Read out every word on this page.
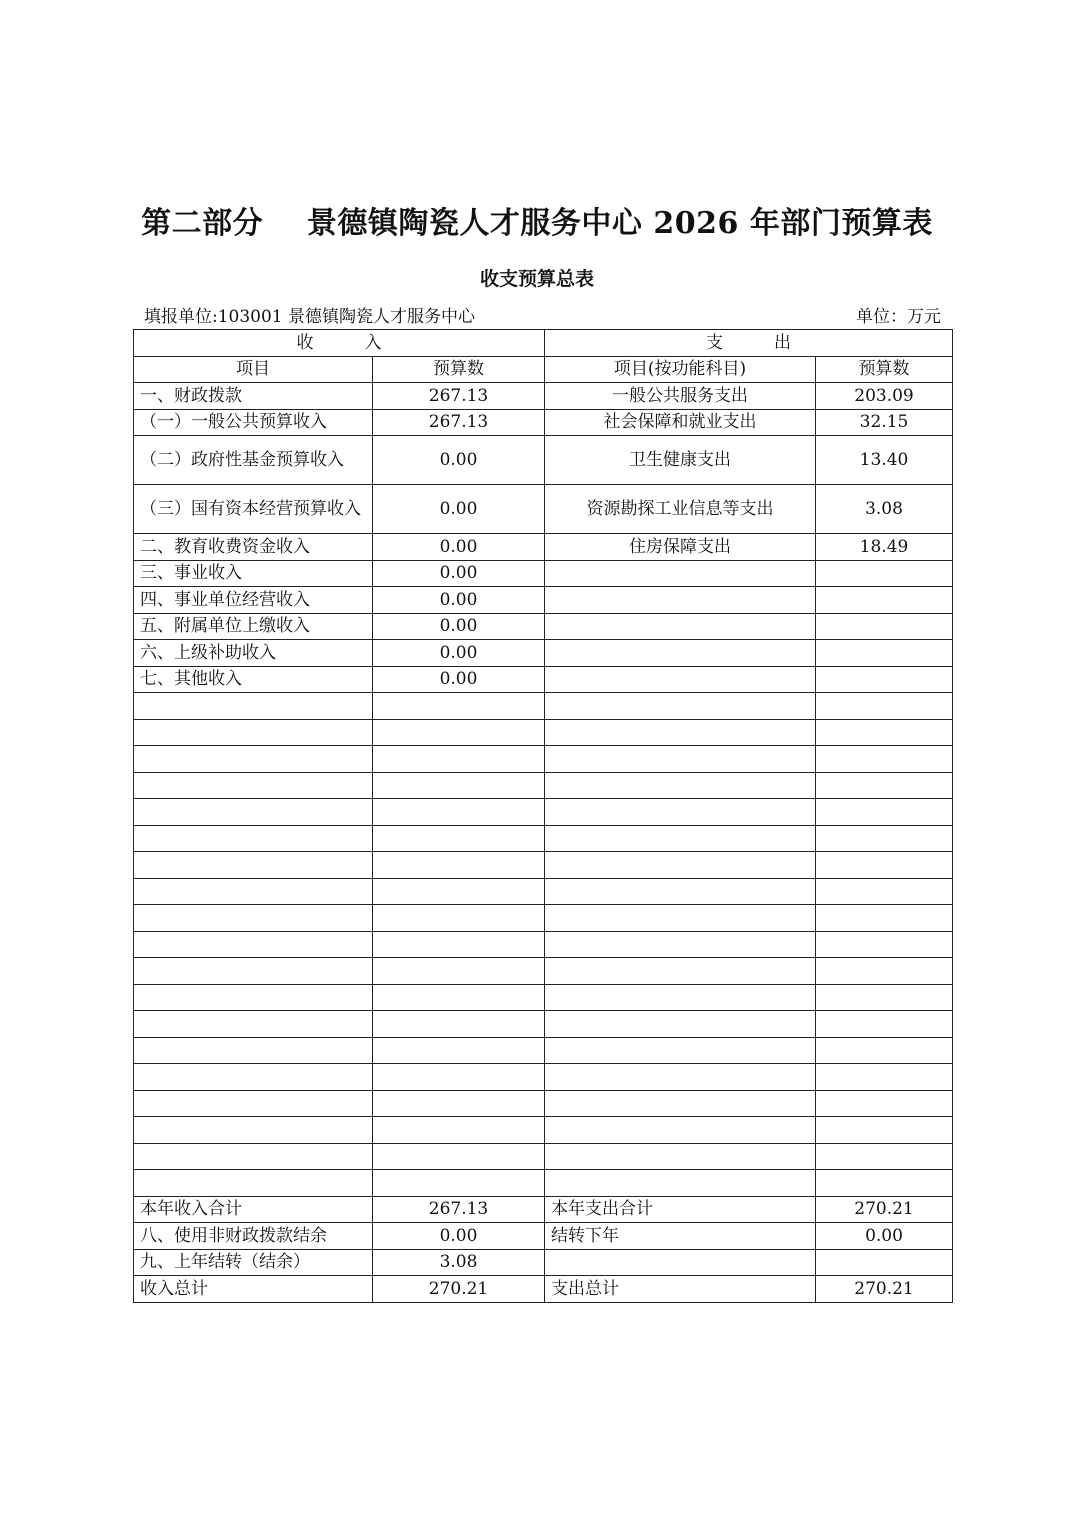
第二部分    景德镇陶瓷人才服务中心 2026 年部门预算表
收支预算总表
填报单位:103001 景德镇陶瓷人才服务中心	单位：万元
收　　　入		支　　　出	
项目	预算数	项目(按功能科目)	预算数
一、财政拨款	267.13	一般公共服务支出	203.09
（一）一般公共预算收入	267.13	社会保障和就业支出	32.15
（二）政府性基金预算收入	0.00	卫生健康支出	13.40
（三）国有资本经营预算收入	0.00	资源勘探工业信息等支出	3.08
二、教育收费资金收入	0.00	住房保障支出	18.49
三、事业收入	0.00		
四、事业单位经营收入	0.00		
五、附属单位上缴收入	0.00		
六、上级补助收入	0.00		
七、其他收入	0.00		

本年收入合计	267.13	本年支出合计	270.21
八、使用非财政拨款结余	0.00	结转下年	0.00
九、上年结转（结余）	3.08		
收入总计	270.21	支出总计	270.21
